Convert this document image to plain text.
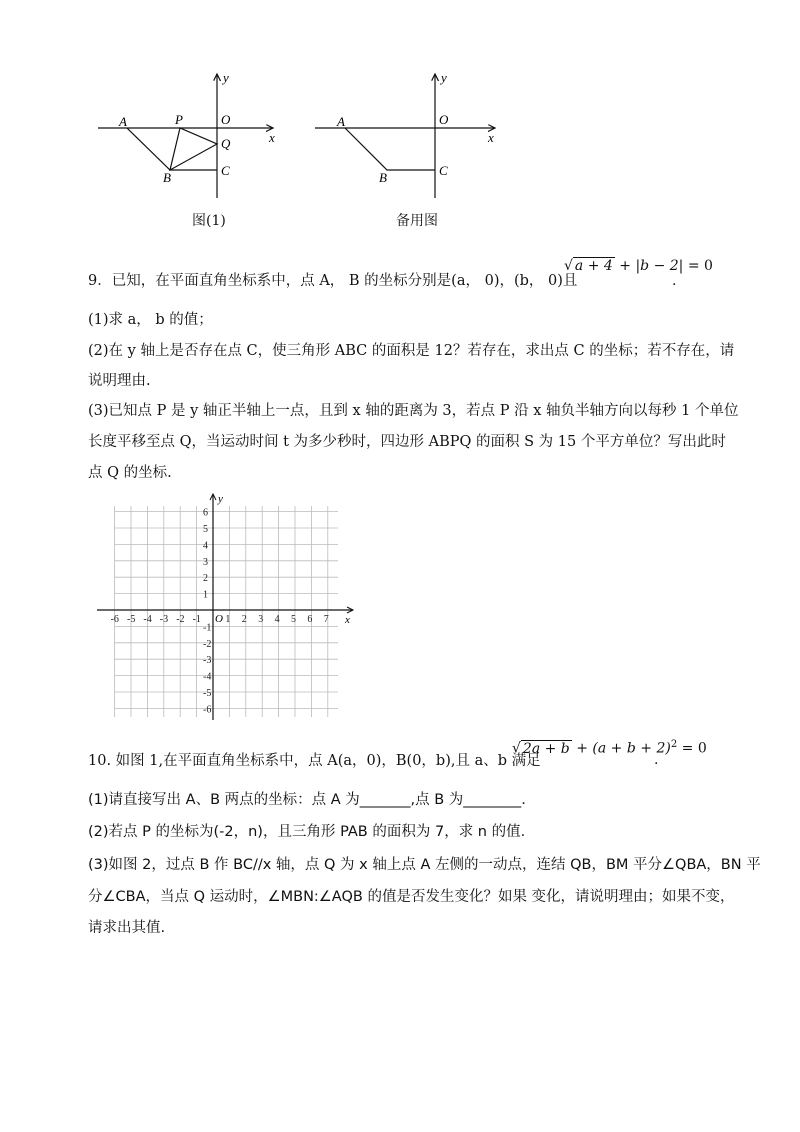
A	P	O
Q
B	C
x
y
图(1)
A	O
B	C
x
y
备用图
9．已知，在平面直角坐标系中，点 A， B 的坐标分别是(a， 0)，(b， 0)且
√ a + 4 + |b − 2| = 0
.
(1)求 a， b 的值；
(2)在 y 轴上是否存在点 C，使三角形 ABC 的面积是 12？若存在，求出点 C 的坐标；若不存在，请
说明理由.
(3)已知点 P 是 y 轴正半轴上一点，且到 x 轴的距离为 3，若点 P 沿 x 轴负半轴方向以每秒 1 个单位
长度平移至点 Q，当运动时间 t 为多少秒时，四边形 ABPQ 的面积 S 为 15 个平方单位？写出此时
点 Q 的坐标.
-6 -5 -4 -3 -2 -1 1 2 3 4 5 6 7
6
5
4
3
2
1
-1
-2
-3
-4
-5
-6
O	x
y
10. 如图 1,在平面直角坐标系中，点 A(a，0)，B(0，b),且 a、b 满足
√ $2a + b + (a + b + 2)^2 = 0$
.
(1)请直接写出 A、B 两点的坐标：点 A 为_______,点 B 为________.
(2)若点 P 的坐标为(-2，n)，且三角形 PAB 的面积为 7，求 n 的值.
(3)如图 2，过点 B 作 BC//x 轴，点 Q 为 x 轴上点 A 左侧的一动点，连结 QB，BM 平分∠QBA，BN 平
分∠CBA，当点 Q 运动时，∠MBN:∠AQB 的值是否发生变化？如果 变化，请说明理由；如果不变，
请求出其值.
